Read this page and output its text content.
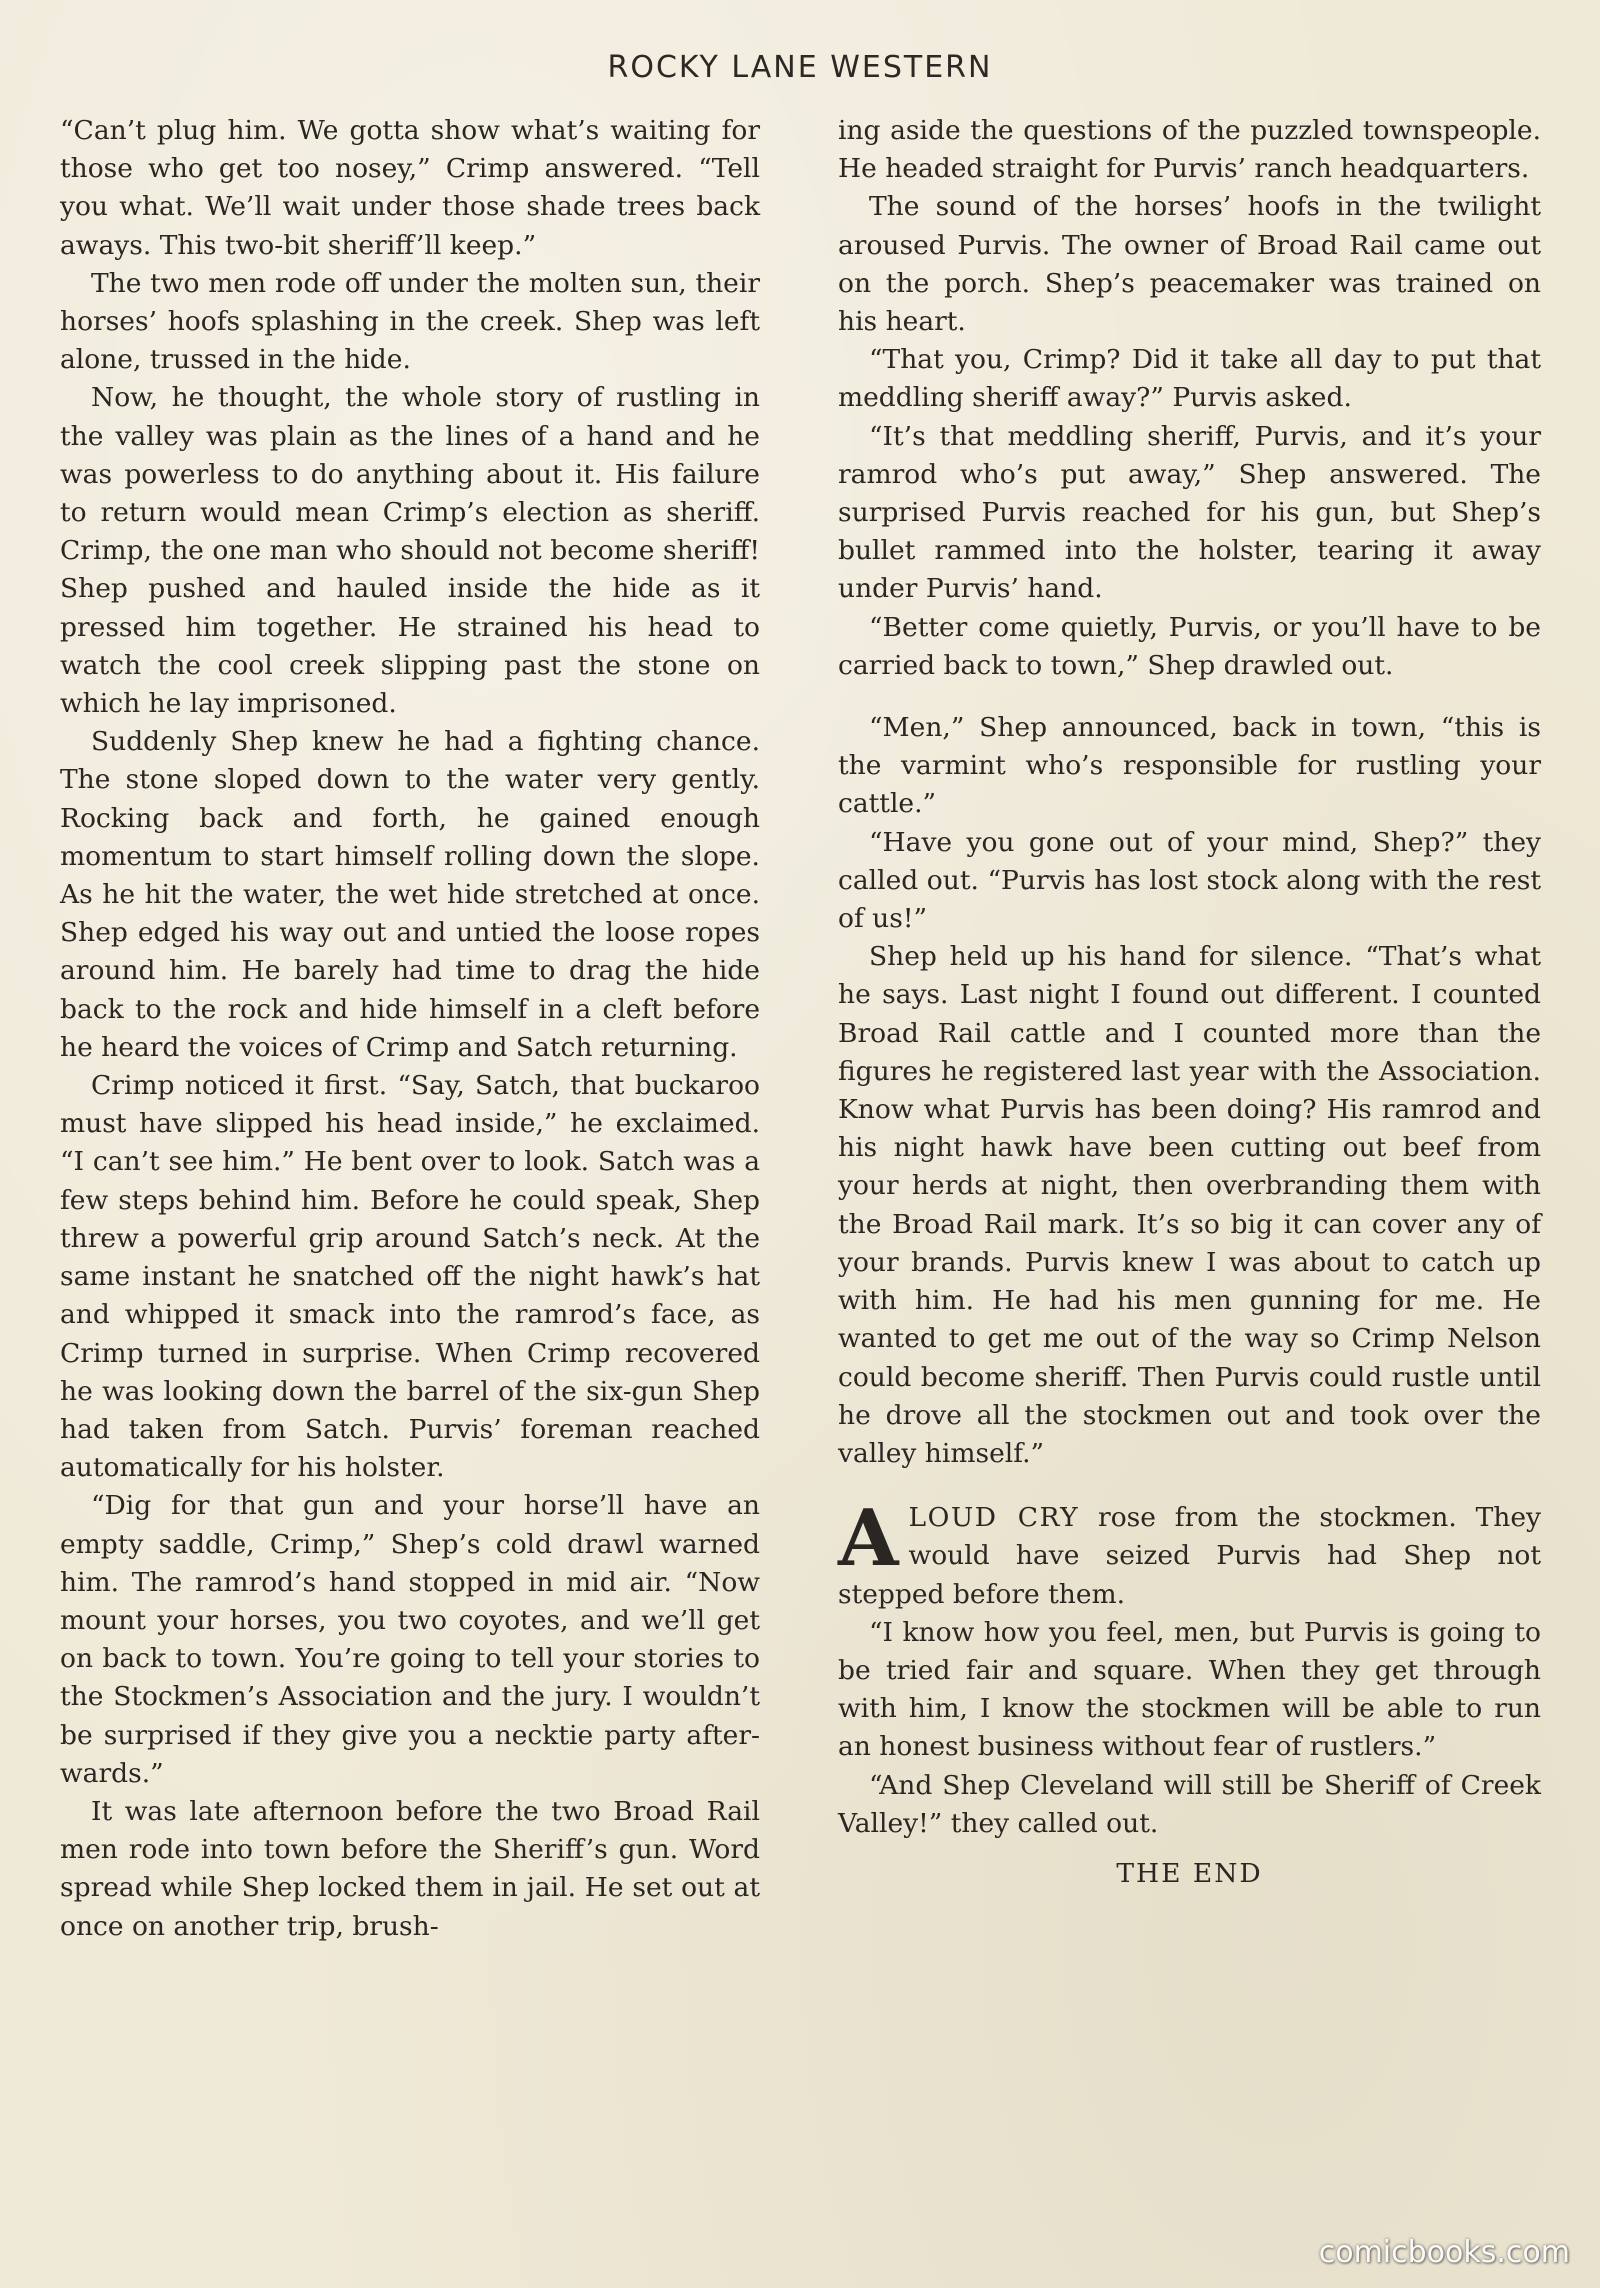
ROCKY LANE WESTERN

“Can’t plug him. We gotta show what’s waiting for those who get too nosey,” Crimp answered. “Tell you what. We’ll wait under those shade trees back aways. This two-bit sheriff’ll keep.”

The two men rode off under the molten sun, their horses’ hoofs splashing in the creek. Shep was left alone, trussed in the hide.

Now, he thought, the whole story of rustling in the valley was plain as the lines of a hand and he was powerless to do anything about it. His failure to return would mean Crimp’s election as sheriff. Crimp, the one man who should not become sheriff! Shep pushed and hauled inside the hide as it pressed him together. He strained his head to watch the cool creek slipping past the stone on which he lay imprisoned.

Suddenly Shep knew he had a fighting chance. The stone sloped down to the water very gently. Rocking back and forth, he gained enough momentum to start himself rolling down the slope. As he hit the water, the wet hide stretched at once. Shep edged his way out and untied the loose ropes around him. He barely had time to drag the hide back to the rock and hide himself in a cleft before he heard the voices of Crimp and Satch returning.

Crimp noticed it first. “Say, Satch, that buckaroo must have slipped his head inside,” he exclaimed. “I can’t see him.” He bent over to look. Satch was a few steps behind him. Before he could speak, Shep threw a powerful grip around Satch’s neck. At the same instant he snatched off the night hawk’s hat and whipped it smack into the ramrod’s face, as Crimp turned in surprise. When Crimp recovered he was looking down the barrel of the six-gun Shep had taken from Satch. Purvis’ foreman reached automatically for his holster.

“Dig for that gun and your horse’ll have an empty saddle, Crimp,” Shep’s cold drawl warned him. The ramrod’s hand stopped in mid air. “Now mount your horses, you two coyotes, and we’ll get on back to town. You’re going to tell your stories to the Stockmen’s Association and the jury. I wouldn’t be surprised if they give you a necktie party afterwards.”

It was late afternoon before the two Broad Rail men rode into town before the Sheriff’s gun. Word spread while Shep locked them in jail. He set out at once on another trip, brush-

ing aside the questions of the puzzled townspeople. He headed straight for Purvis’ ranch headquarters.

The sound of the horses’ hoofs in the twilight aroused Purvis. The owner of Broad Rail came out on the porch. Shep’s peacemaker was trained on his heart.

“That you, Crimp? Did it take all day to put that meddling sheriff away?” Purvis asked.

“It’s that meddling sheriff, Purvis, and it’s your ramrod who’s put away,” Shep answered. The surprised Purvis reached for his gun, but Shep’s bullet rammed into the holster, tearing it away under Purvis’ hand.

“Better come quietly, Purvis, or you’ll have to be carried back to town,” Shep drawled out.

“Men,” Shep announced, back in town, “this is the varmint who’s responsible for rustling your cattle.”

“Have you gone out of your mind, Shep?” they called out. “Purvis has lost stock along with the rest of us!”

Shep held up his hand for silence. “That’s what he says. Last night I found out different. I counted Broad Rail cattle and I counted more than the figures he registered last year with the Association. Know what Purvis has been doing? His ramrod and his night hawk have been cutting out beef from your herds at night, then overbranding them with the Broad Rail mark. It’s so big it can cover any of your brands. Purvis knew I was about to catch up with him. He had his men gunning for me. He wanted to get me out of the way so Crimp Nelson could become sheriff. Then Purvis could rustle until he drove all the stockmen out and took over the valley himself.”

ALOUD CRY rose from the stockmen. They would have seized Purvis had Shep not stepped before them.

“I know how you feel, men, but Purvis is going to be tried fair and square. When they get through with him, I know the stockmen will be able to run an honest business without fear of rustlers.”

“And Shep Cleveland will still be Sheriff of Creek Valley!” they called out.

THE END
comicbooks.com
